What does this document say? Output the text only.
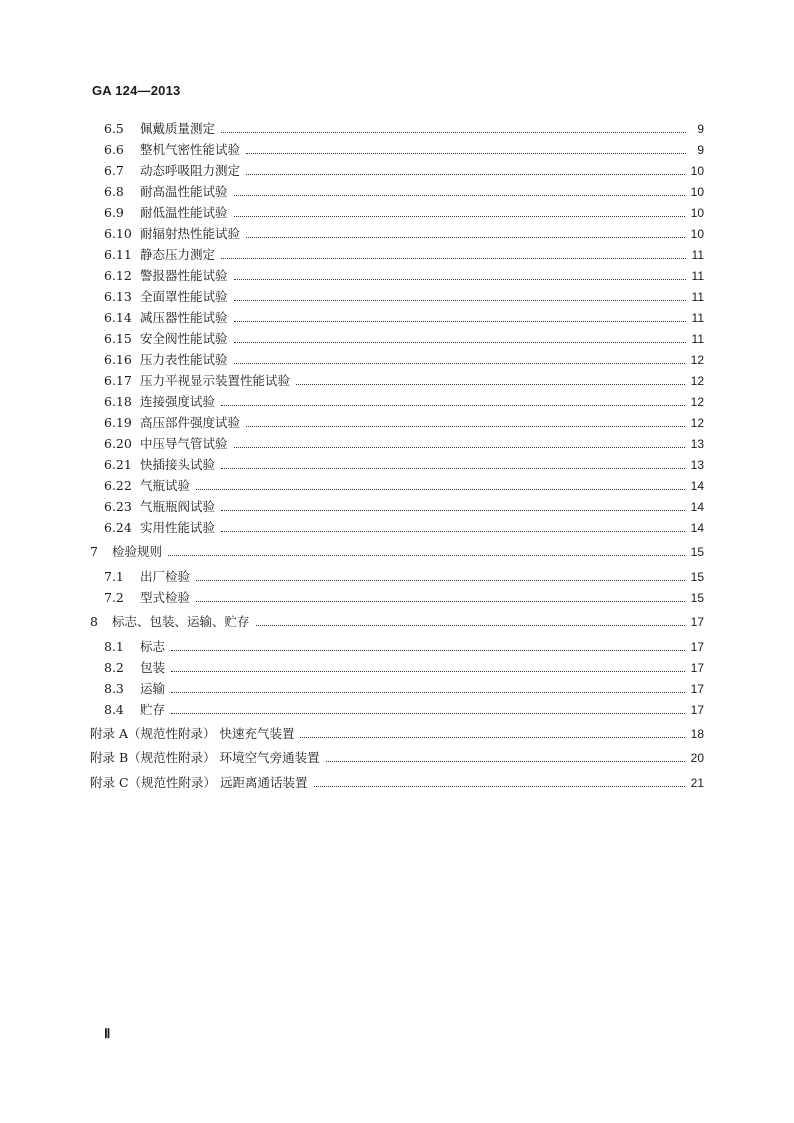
GA 124—2013
6.5	佩戴质量测定	9
6.6	整机气密性能试验	9
6.7	动态呼吸阻力测定	10
6.8	耐高温性能试验	10
6.9	耐低温性能试验	10
6.10 耐辐射热性能试验	10
6.11 静态压力测定	11
6.12 警报器性能试验	11
6.13 全面罩性能试验	11
6.14 减压器性能试验	11
6.15 安全阀性能试验	11
6.16 压力表性能试验	12
6.17 压力平视显示装置性能试验	12
6.18 连接强度试验	12
6.19 高压部件强度试验	12
6.20 中压导气管试验	13
6.21 快插接头试验	13
6.22 气瓶试验	14
6.23 气瓶瓶阀试验	14
6.24 实用性能试验	14
7	检验规则	15
7.1	出厂检验	15
7.2	型式检验	15
8	标志、包装、运输、贮存	17
8.1	标志	17
8.2	包装	17
8.3	运输	17
8.4	贮存	17
附录 A（规范性附录） 快速充气装置	18
附录 B（规范性附录） 环境空气旁通装置	20
附录 C（规范性附录） 远距离通话装置	21
Ⅱ
